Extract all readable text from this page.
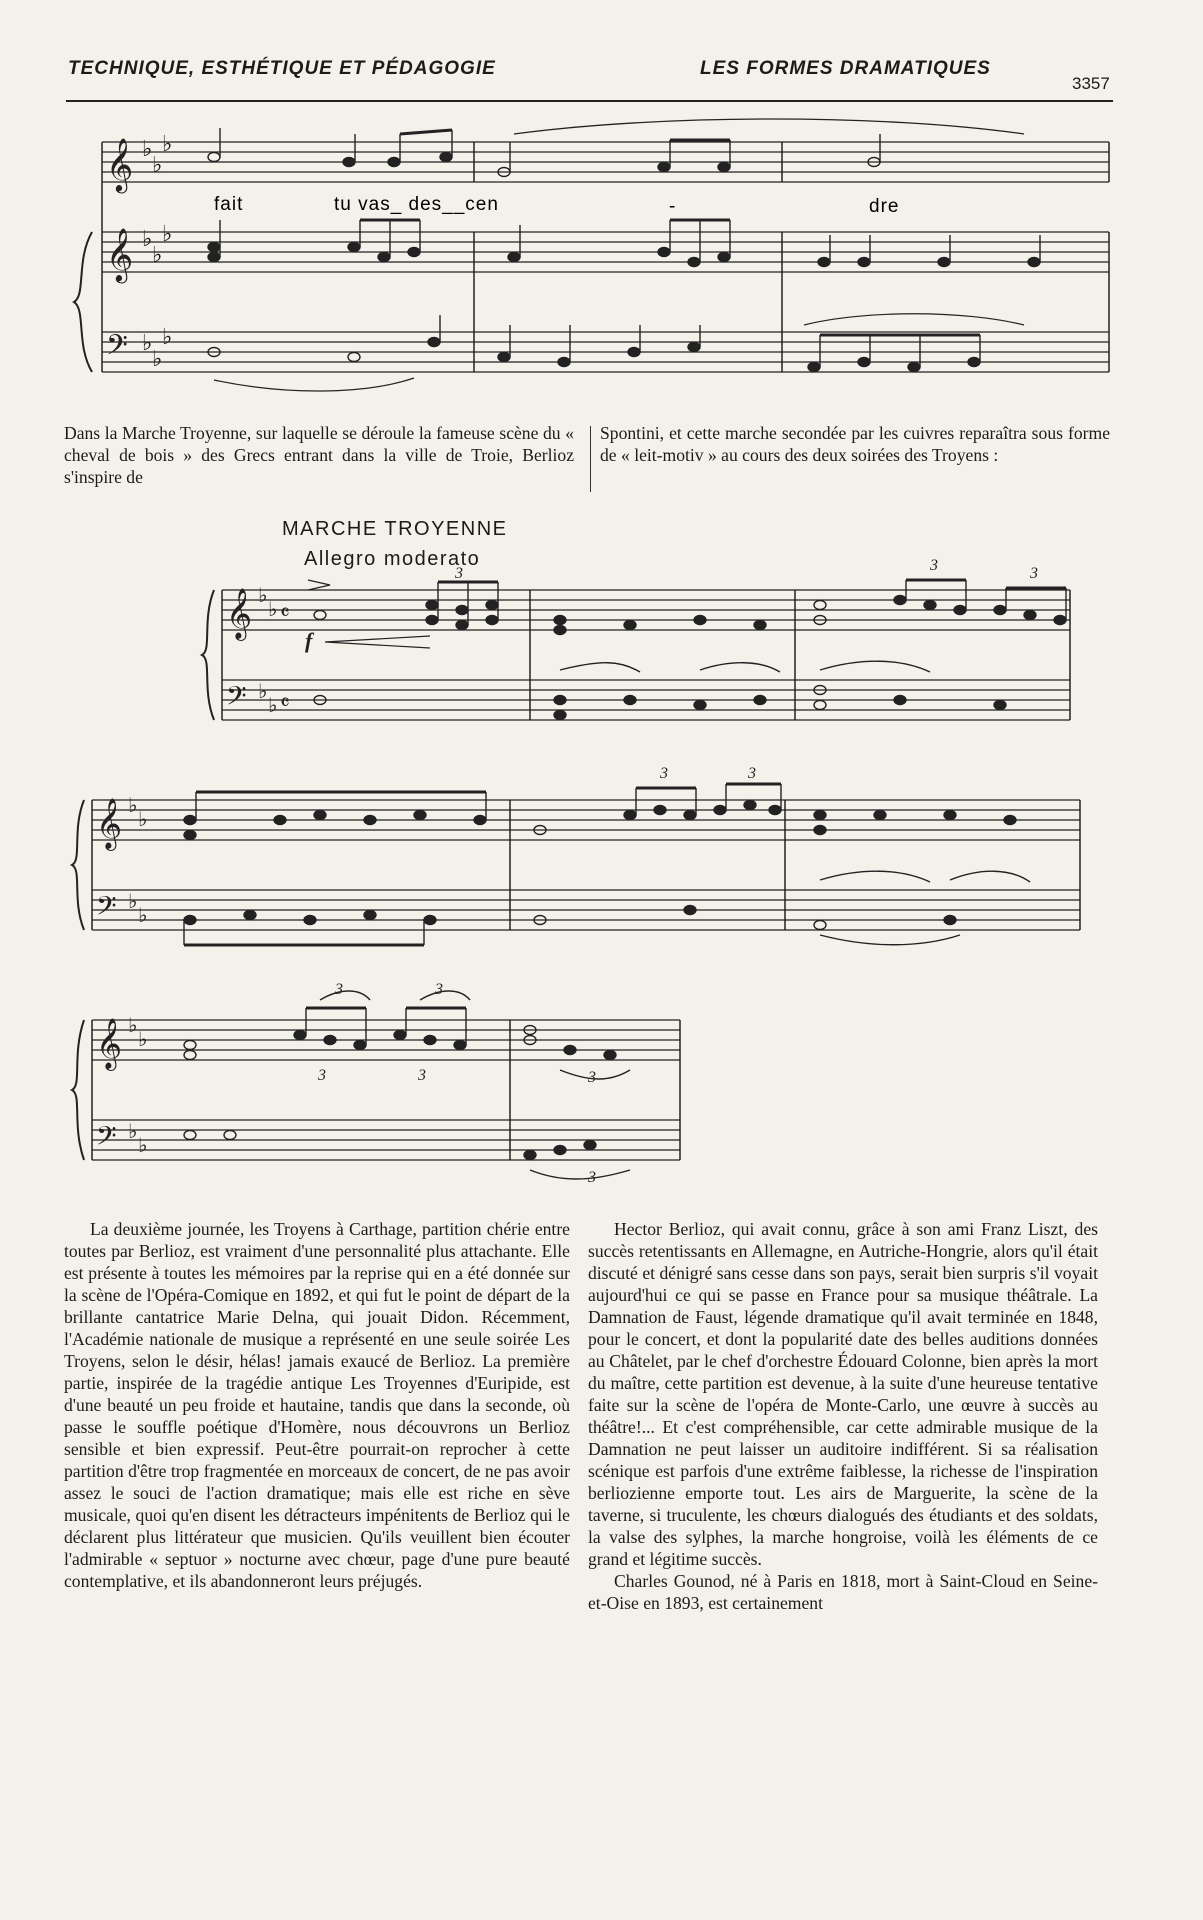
TECHNIQUE, ESTHÉTIQUE ET PÉDAGOGIE	LES FORMES DRAMATIQUES
3357
𝄞
𝄞
𝄢
♭
♭
♭
♭
♭
♭
♭
♭
♭
fait	tu vas_ des__cen	-	dre

Dans la Marche Troyenne, sur laquelle se déroule la fameuse scène du « cheval de bois » des Grecs entrant dans la ville de Troie, Berlioz s'inspire de

Spontini, et cette marche secondée par les cuivres reparaîtra sous forme de « leit-motiv » au cours des deux soirées des Troyens :

MARCHE TROYENNE
Allegro moderato
𝄞
𝄢
♭
♭
♭
♭
𝄴
𝄴
f
3	3	3
𝄞
𝄢
♭
♭
♭
♭
3	3
𝄞
𝄢
♭
♭
♭
♭
3	3
3	3	3
3

La deuxième journée, les Troyens à Carthage, partition chérie entre toutes par Berlioz, est vraiment d'une personnalité plus attachante. Elle est présente à toutes les mémoires par la reprise qui en a été donnée sur la scène de l'Opéra-Comique en 1892, et qui fut le point de départ de la brillante cantatrice Marie Delna, qui jouait Didon. Récemment, l'Académie nationale de musique a représenté en une seule soirée Les Troyens, selon le désir, hélas! jamais exaucé de Berlioz. La première partie, inspirée de la tragédie antique Les Troyennes d'Euripide, est d'une beauté un peu froide et hautaine, tandis que dans la seconde, où passe le souffle poétique d'Homère, nous découvrons un Berlioz sensible et bien expressif. Peut-être pourrait-on reprocher à cette partition d'être trop fragmentée en morceaux de concert, de ne pas avoir assez le souci de l'action dramatique; mais elle est riche en sève musicale, quoi qu'en disent les détracteurs impénitents de Berlioz qui le déclarent plus littérateur que musicien. Qu'ils veuillent bien écouter l'admirable « septuor » nocturne avec chœur, page d'une pure beauté contemplative, et ils abandonneront leurs préjugés.

Hector Berlioz, qui avait connu, grâce à son ami Franz Liszt, des succès retentissants en Allemagne, en Autriche-Hongrie, alors qu'il était discuté et dénigré sans cesse dans son pays, serait bien surpris s'il voyait aujourd'hui ce qui se passe en France pour sa musique théâtrale. La Damnation de Faust, légende dramatique qu'il avait terminée en 1848, pour le concert, et dont la popularité date des belles auditions données au Châtelet, par le chef d'orchestre Édouard Colonne, bien après la mort du maître, cette partition est devenue, à la suite d'une heureuse tentative faite sur la scène de l'opéra de Monte-Carlo, une œuvre à succès au théâtre!... Et c'est compréhensible, car cette admirable musique de la Damnation ne peut laisser un auditoire indifférent. Si sa réalisation scénique est parfois d'une extrême faiblesse, la richesse de l'inspiration berliozienne emporte tout. Les airs de Marguerite, la scène de la taverne, si truculente, les chœurs dialogués des étudiants et des soldats, la valse des sylphes, la marche hongroise, voilà les éléments de ce grand et légitime succès.

Charles Gounod, né à Paris en 1818, mort à Saint-Cloud en Seine-et-Oise en 1893, est certainement
